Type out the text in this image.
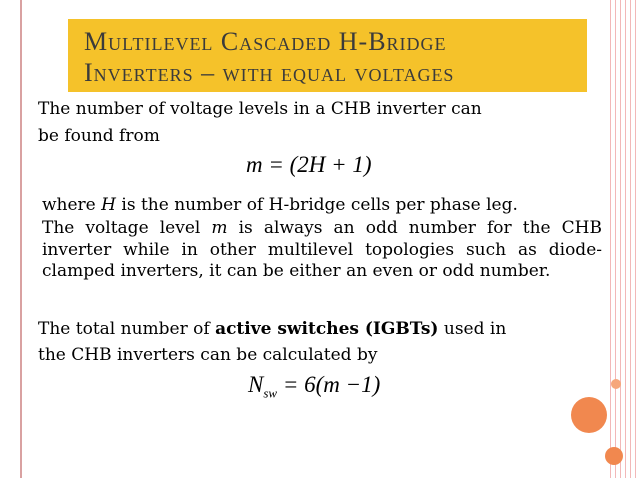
Multilevel Cascaded H-Bridge
Inverters – with equal voltages
The number of voltage levels in a CHB inverter can
be found from
m = (2H + 1)
where H is the number of H-bridge cells per phase leg.
The voltage level m is always an odd number for the CHB inverter while in other multilevel topologies such as diode-clamped inverters, it can be either an even or odd number.
The total number of active switches (IGBTs) used in
the CHB inverters can be calculated by
$N_{sw} = 6(m -1)$
